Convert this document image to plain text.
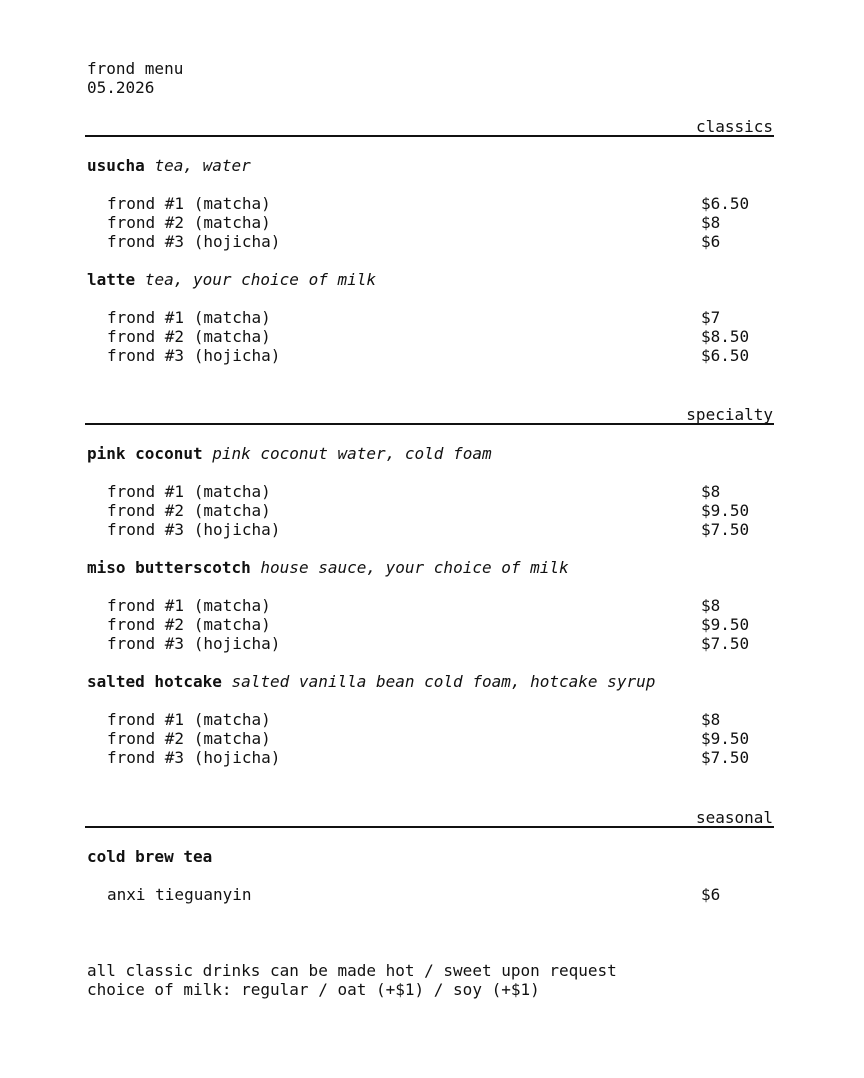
frond menu
05.2026
classics
usucha tea, water
frond #1 (matcha)	$6.50
frond #2 (matcha)	$8
frond #3 (hojicha)	$6
latte tea, your choice of milk
frond #1 (matcha)	$7
frond #2 (matcha)	$8.50
frond #3 (hojicha)	$6.50
specialty
pink coconut pink coconut water, cold foam
frond #1 (matcha)	$8
frond #2 (matcha)	$9.50
frond #3 (hojicha)	$7.50
miso butterscotch house sauce, your choice of milk
frond #1 (matcha)	$8
frond #2 (matcha)	$9.50
frond #3 (hojicha)	$7.50
salted hotcake salted vanilla bean cold foam, hotcake syrup
frond #1 (matcha)	$8
frond #2 (matcha)	$9.50
frond #3 (hojicha)	$7.50
seasonal
cold brew tea
anxi tieguanyin	$6
all classic drinks can be made hot / sweet upon request
choice of milk: regular / oat (+$1) / soy (+$1)
